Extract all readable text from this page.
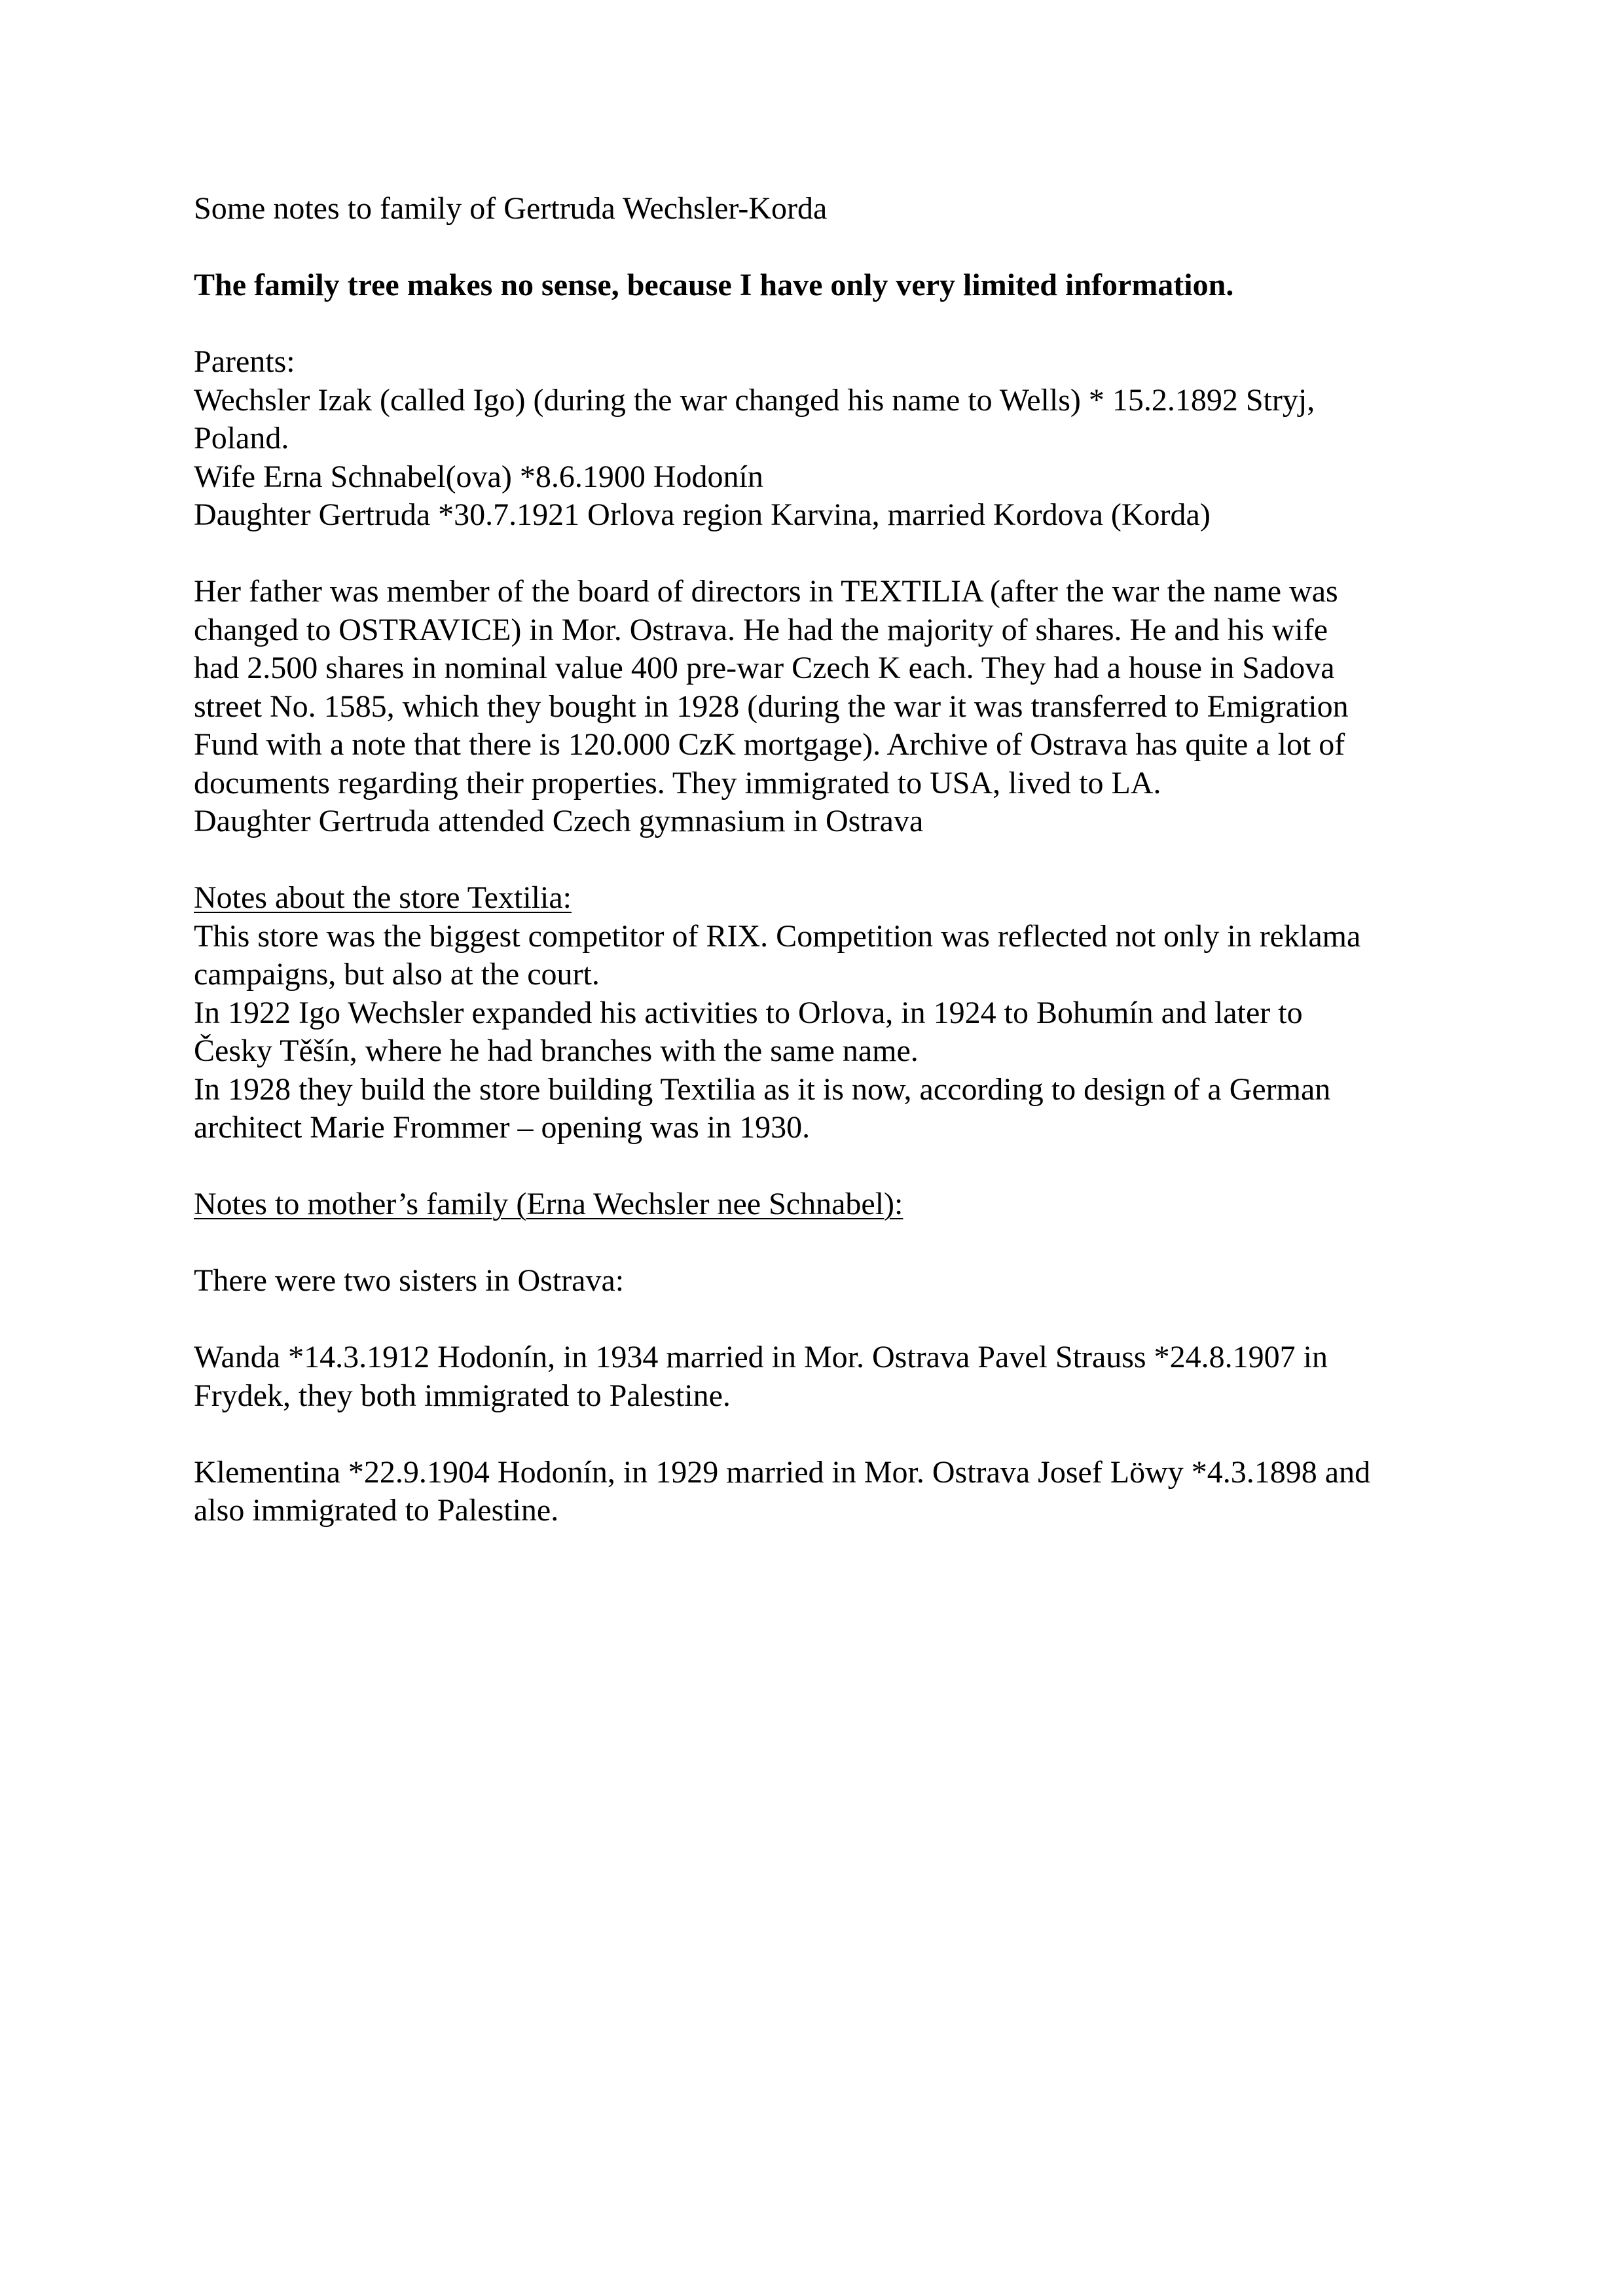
Some notes to family of Gertruda Wechsler-Korda

The family tree makes no sense, because I have only very limited information.

Parents:

Wechsler Izak (called Igo) (during the war changed his name to Wells) * 15.2.1892 Stryj,

Poland.

Wife Erna Schnabel(ova) *8.6.1900 Hodonín

Daughter Gertruda *30.7.1921 Orlova region Karvina, married Kordova (Korda)

Her father was member of the board of directors in TEXTILIA (after the war the name was

changed to OSTRAVICE) in Mor. Ostrava. He had the majority of shares. He and his wife

had 2.500 shares in nominal value 400 pre-war Czech K each. They had a house in Sadova

street No. 1585, which they bought in 1928 (during the war it was transferred to Emigration

Fund with a note that there is 120.000 CzK mortgage). Archive of Ostrava has quite a lot of

documents regarding their properties. They immigrated to USA, lived to LA.

Daughter Gertruda attended Czech gymnasium in Ostrava

Notes about the store Textilia:

This store was the biggest competitor of RIX. Competition was reflected not only in reklama

campaigns, but also at the court.

In 1922 Igo Wechsler expanded his activities to Orlova, in 1924 to Bohumín and later to

Česky Těšín, where he had branches with the same name.

In 1928 they build the store building Textilia as it is now, according to design of a German

architect Marie Frommer – opening was in 1930.

Notes to mother’s family (Erna Wechsler nee Schnabel):

There were two sisters in Ostrava:

Wanda *14.3.1912 Hodonín, in 1934 married in Mor. Ostrava Pavel Strauss *24.8.1907 in

Frydek, they both immigrated to Palestine.

Klementina *22.9.1904 Hodonín, in 1929 married in Mor. Ostrava Josef Löwy *4.3.1898 and

also immigrated to Palestine.
